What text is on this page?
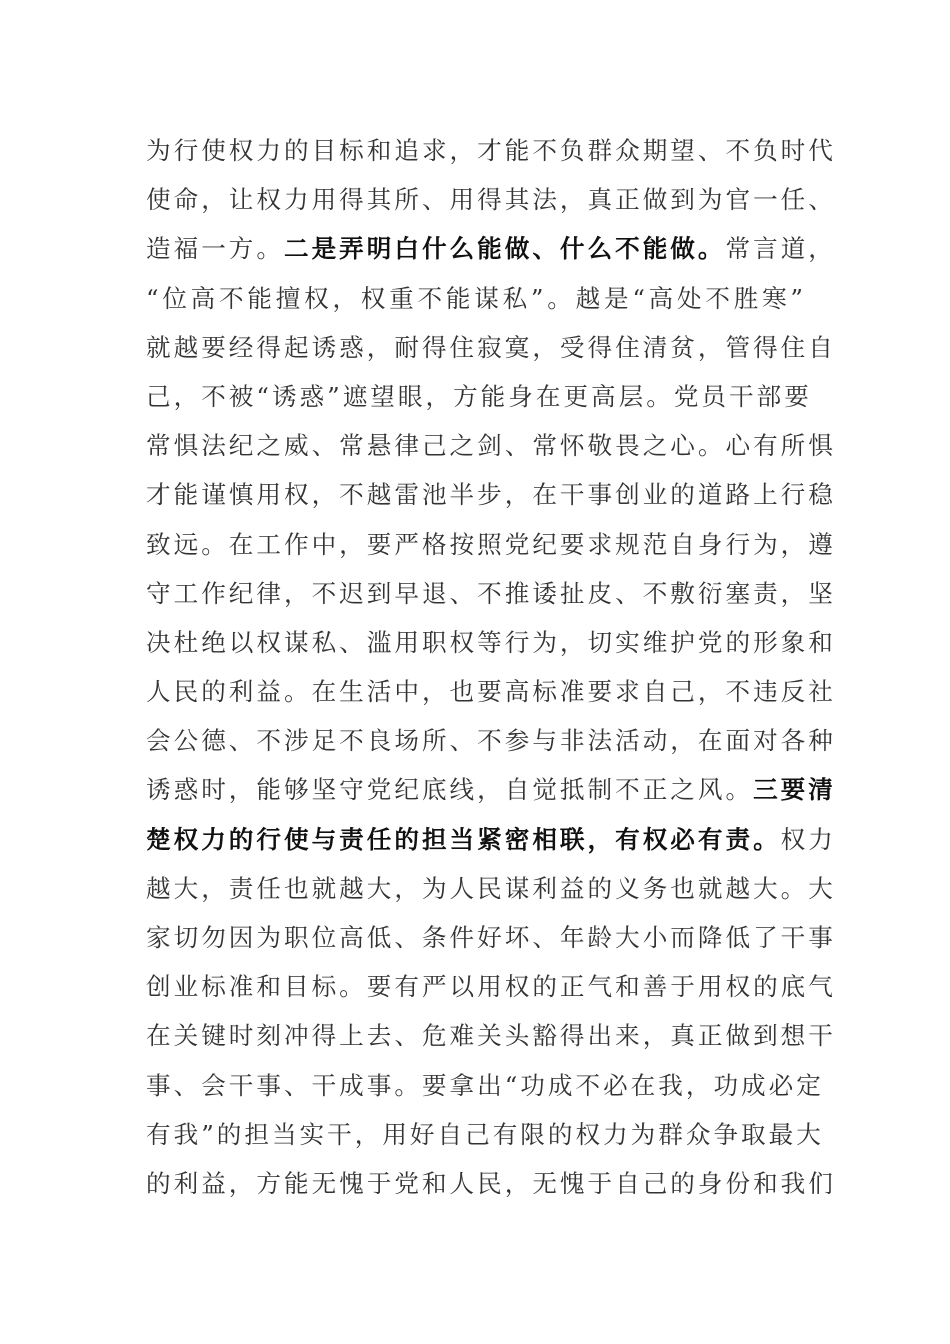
为行使权力的目标和追求，才能不负群众期望、不负时代
使命，让权力用得其所、用得其法，真正做到为官一任、
造福一方。二是弄明白什么能做、什么不能做。常言道，
“位高不能擅权，权重不能谋私”。越是“高处不胜寒”
就越要经得起诱惑，耐得住寂寞，受得住清贫，管得住自
己，不被“诱惑”遮望眼，方能身在更高层。党员干部要
常惧法纪之威、常悬律己之剑、常怀敬畏之心。心有所惧
才能谨慎用权，不越雷池半步，在干事创业的道路上行稳
致远。在工作中，要严格按照党纪要求规范自身行为，遵
守工作纪律，不迟到早退、不推诿扯皮、不敷衍塞责，坚
决杜绝以权谋私、滥用职权等行为，切实维护党的形象和
人民的利益。在生活中，也要高标准要求自己，不违反社
会公德、不涉足不良场所、不参与非法活动，在面对各种
诱惑时，能够坚守党纪底线，自觉抵制不正之风。三要清
楚权力的行使与责任的担当紧密相联，有权必有责。权力
越大，责任也就越大，为人民谋利益的义务也就越大。大
家切勿因为职位高低、条件好坏、年龄大小而降低了干事
创业标准和目标。要有严以用权的正气和善于用权的底气
在关键时刻冲得上去、危难关头豁得出来，真正做到想干
事、会干事、干成事。要拿出“功成不必在我，功成必定
有我”的担当实干，用好自己有限的权力为群众争取最大
的利益，方能无愧于党和人民，无愧于自己的身份和我们
